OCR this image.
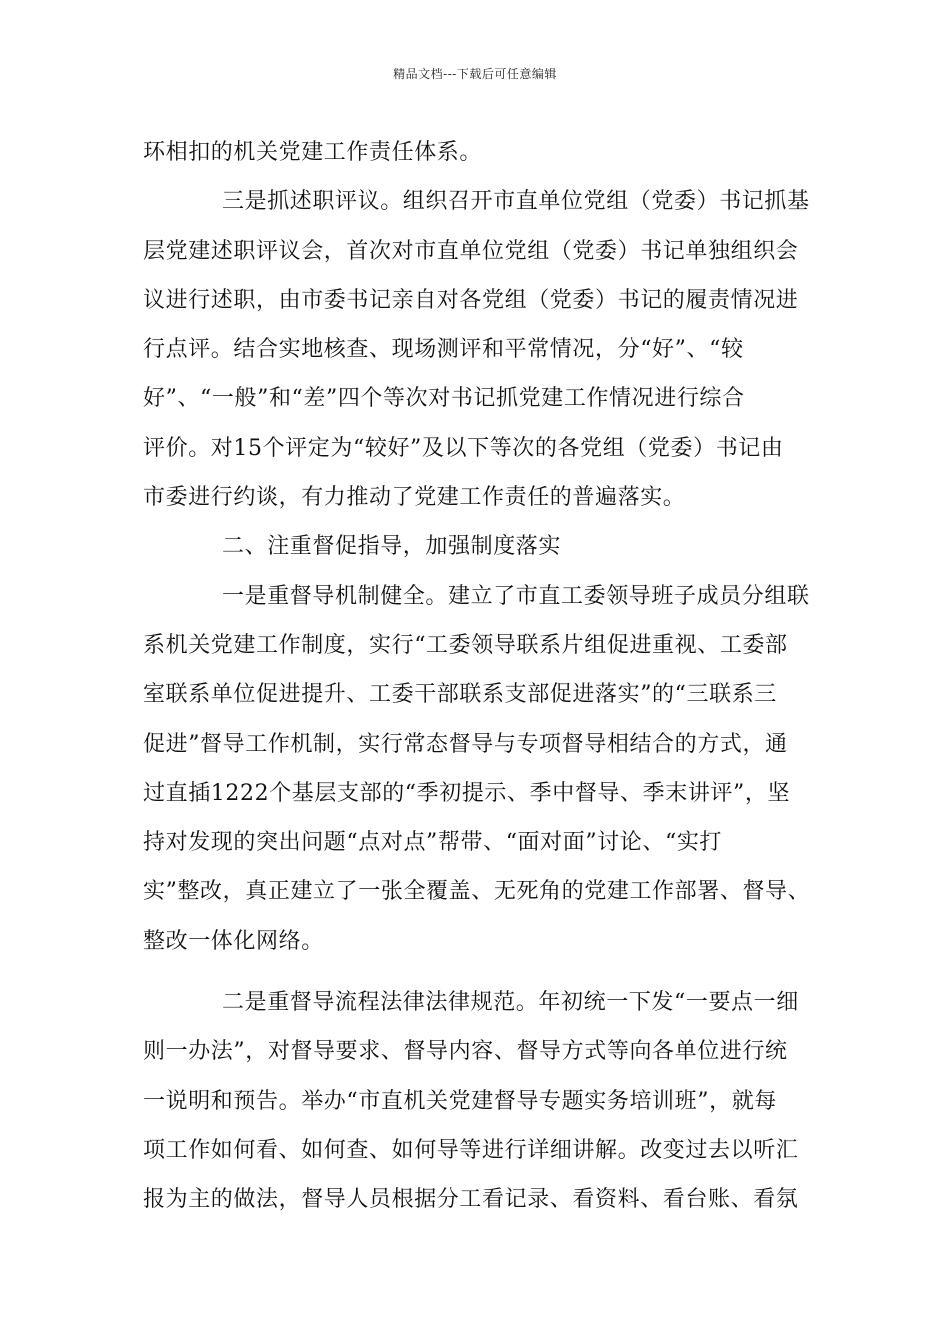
精品文档---下载后可任意编辑
环相扣的机关党建工作责任体系。
三是抓述职评议。组织召开市直单位党组（党委）书记抓基
层党建述职评议会，首次对市直单位党组（党委）书记单独组织会
议进行述职，由市委书记亲自对各党组（党委）书记的履责情况进
行点评。结合实地核查、现场测评和平常情况，分“好”、“较
好”、“一般”和“差”四个等次对书记抓党建工作情况进行综合
评价。对15个评定为“较好”及以下等次的各党组（党委）书记由
市委进行约谈，有力推动了党建工作责任的普遍落实。
二、注重督促指导，加强制度落实
一是重督导机制健全。建立了市直工委领导班子成员分组联
系机关党建工作制度，实行“工委领导联系片组促进重视、工委部
室联系单位促进提升、工委干部联系支部促进落实”的“三联系三
促进”督导工作机制，实行常态督导与专项督导相结合的方式，通
过直插1222个基层支部的“季初提示、季中督导、季末讲评”，坚
持对发现的突出问题“点对点”帮带、“面对面”讨论、“实打
实”整改，真正建立了一张全覆盖、无死角的党建工作部署、督导、
整改一体化网络。
二是重督导流程法律法律规范。年初统一下发“一要点一细
则一办法”，对督导要求、督导内容、督导方式等向各单位进行统
一说明和预告。举办“市直机关党建督导专题实务培训班”，就每
项工作如何看、如何查、如何导等进行详细讲解。改变过去以听汇
报为主的做法，督导人员根据分工看记录、看资料、看台账、看氛
